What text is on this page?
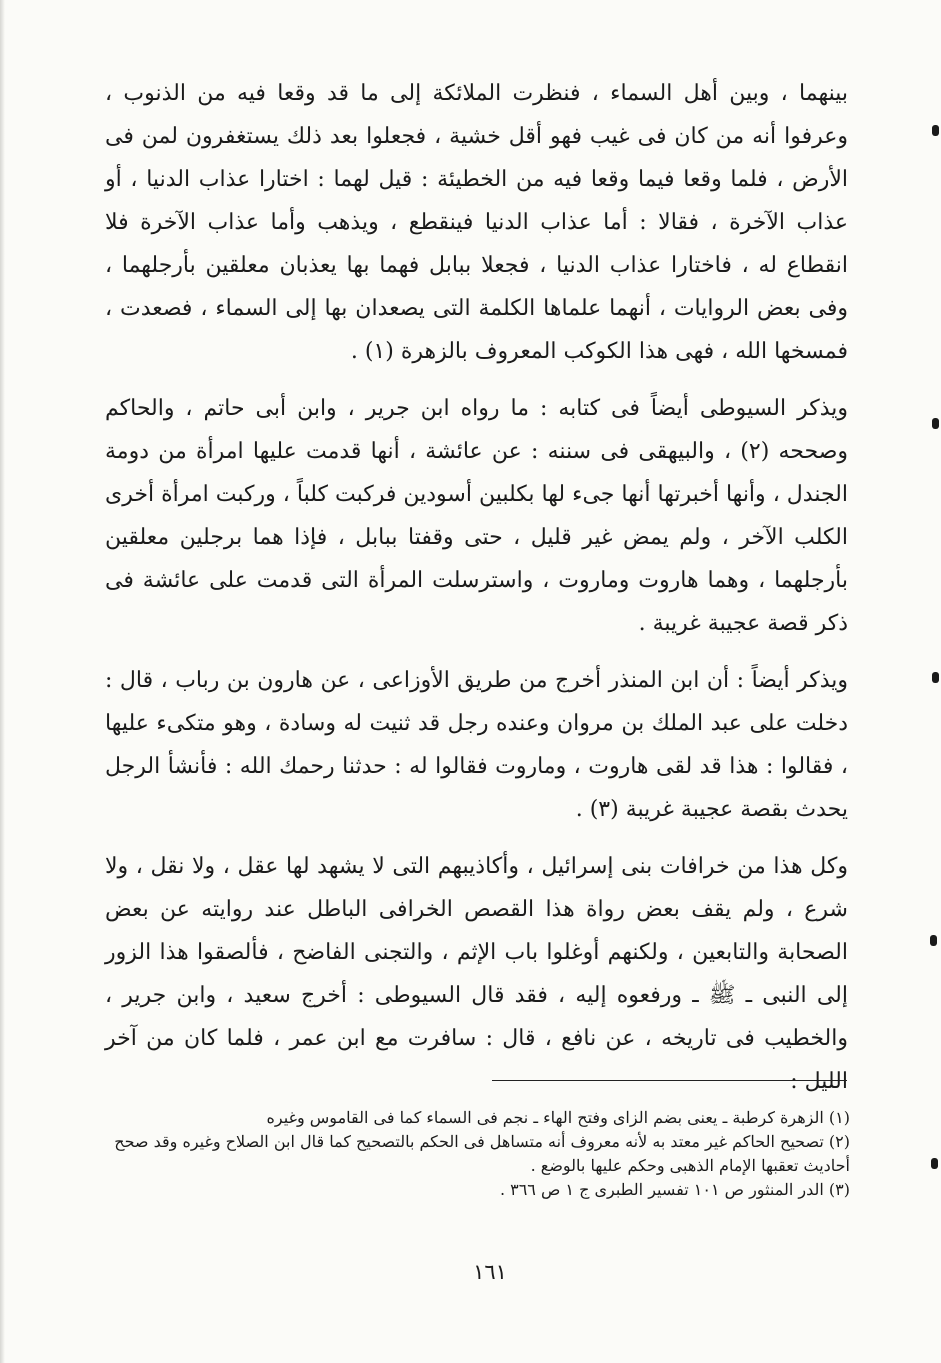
بينهما ، وبين أهل السماء ، فنظرت الملائكة إلى ما قد وقعا فيه من الذنوب ، وعرفوا أنه من كان فى غيب فهو أقل خشية ، فجعلوا بعد ذلك يستغفرون لمن فى الأرض ، فلما وقعا فيما وقعا فيه من الخطيئة : قيل لهما : اختارا عذاب الدنيا ، أو عذاب الآخرة ، فقالا : أما عذاب الدنيا فينقطع ، ويذهب وأما عذاب الآخرة فلا انقطاع له ، فاختارا عذاب الدنيا ، فجعلا ببابل فهما بها يعذبان معلقين بأرجلهما ، وفى بعض الروايات ، أنهما علماها الكلمة التى يصعدان بها إلى السماء ، فصعدت ، فمسخها الله ، فهى هذا الكوكب المعروف بالزهرة (١) .

ويذكر السيوطى أيضاً فى كتابه : ما رواه ابن جرير ، وابن أبى حاتم ، والحاكم وصححه (٢) ، والبيهقى فى سننه : عن عائشة ، أنها قدمت عليها امرأة من دومة الجندل ، وأنها أخبرتها أنها جىء لها بكلبين أسودين فركبت كلباً ، وركبت امرأة أخرى الكلب الآخر ، ولم يمض غير قليل ، حتى وقفتا ببابل ، فإذا هما برجلين معلقين بأرجلهما ، وهما هاروت وماروت ، واسترسلت المرأة التى قدمت على عائشة فى ذكر قصة عجيبة غريبة .

ويذكر أيضاً : أن ابن المنذر أخرج من طريق الأوزاعى ، عن هارون بن رباب ، قال : دخلت على عبد الملك بن مروان وعنده رجل قد ثنيت له وسادة ، وهو متكىء عليها ، فقالوا : هذا قد لقى هاروت ، وماروت فقالوا له : حدثنا رحمك الله : فأنشأ الرجل يحدث بقصة عجيبة غريبة (٣) .

وكل هذا من خرافات بنى إسرائيل ، وأكاذيبهم التى لا يشهد لها عقل ، ولا نقل ، ولا شرع ، ولم يقف بعض رواة هذا القصص الخرافى الباطل عند روايته عن بعض الصحابة والتابعين ، ولكنهم أوغلوا باب الإثم ، والتجنى الفاضح ، فألصقوا هذا الزور إلى النبى ـ ﷺ ـ ورفعوه إليه ، فقد قال السيوطى : أخرج سعيد ، وابن جرير ، والخطيب فى تاريخه ، عن نافع ، قال : سافرت مع ابن عمر ، فلما كان من آخر الليل :

(١) الزهرة كرطبة ـ يعنى بضم الزاى وفتح الهاء ـ نجم فى السماء كما فى القاموس وغيره

(٢) تصحيح الحاكم غير معتد به لأنه معروف أنه متساهل فى الحكم بالتصحيح كما قال ابن الصلاح وغيره وقد صحح أحاديث تعقبها الإمام الذهبى وحكم عليها بالوضع .

(٣) الدر المنثور ص ١٠١ تفسير الطبرى ج ١ ص ٣٦٦ .

١٦١
